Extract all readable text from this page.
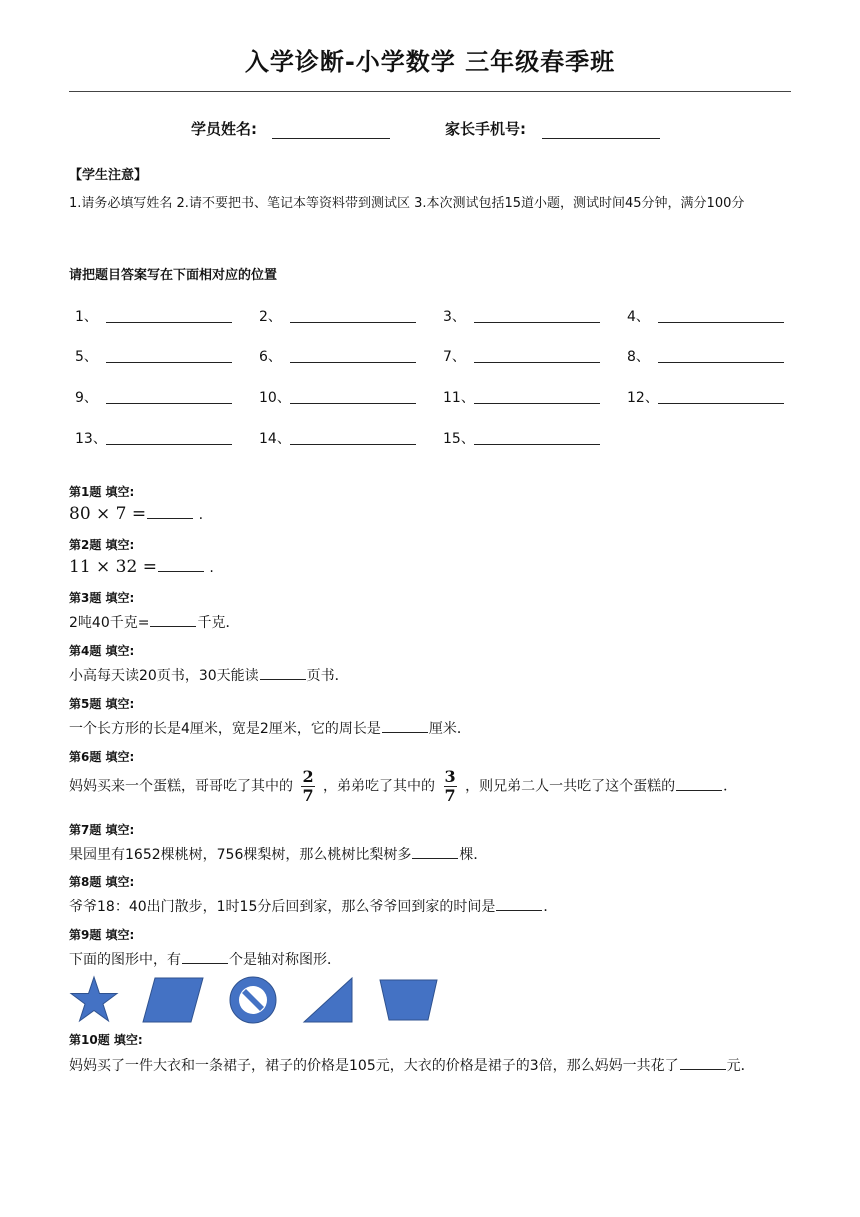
入学诊断-小学数学 三年级春季班
学员姓名:	家长手机号:
【学生注意】
1.请务必填写姓名 2.请不要把书、笔记本等资料带到测试区 3.本次测试包括15道小题，测试时间45分钟，满分100分
请把题目答案写在下面相对应的位置
1、	2、	3、	4、
5、	6、	7、	8、
9、	10、	11、	12、
13、	14、	15、
第1题 填空:
80 × 7 =	.
第2题 填空:
11 × 32 =	.
第3题 填空:
2吨40千克=	千克．
第4题 填空:
小高每天读20页书，30天能读	页书．
第5题 填空:
一个长方形的长是4厘米，宽是2厘米，它的周长是	厘米．
第6题 填空:
妈妈买来一个蛋糕，哥哥吃了其中的 $\frac{2}{7}$ ，弟弟吃了其中的 $\frac{3}{7}$ ，则兄弟二人一共吃了这个蛋糕的	．
第7题 填空:
果园里有1652棵桃树，756棵梨树，那么桃树比梨树多	棵．
第8题 填空:
爷爷18：40出门散步，1时15分后回到家，那么爷爷回到家的时间是	．
第9题 填空:
下面的图形中，有	个是轴对称图形．
第10题 填空:
妈妈买了一件大衣和一条裙子，裙子的价格是105元，大衣的价格是裙子的3倍，那么妈妈一共花了	元．
